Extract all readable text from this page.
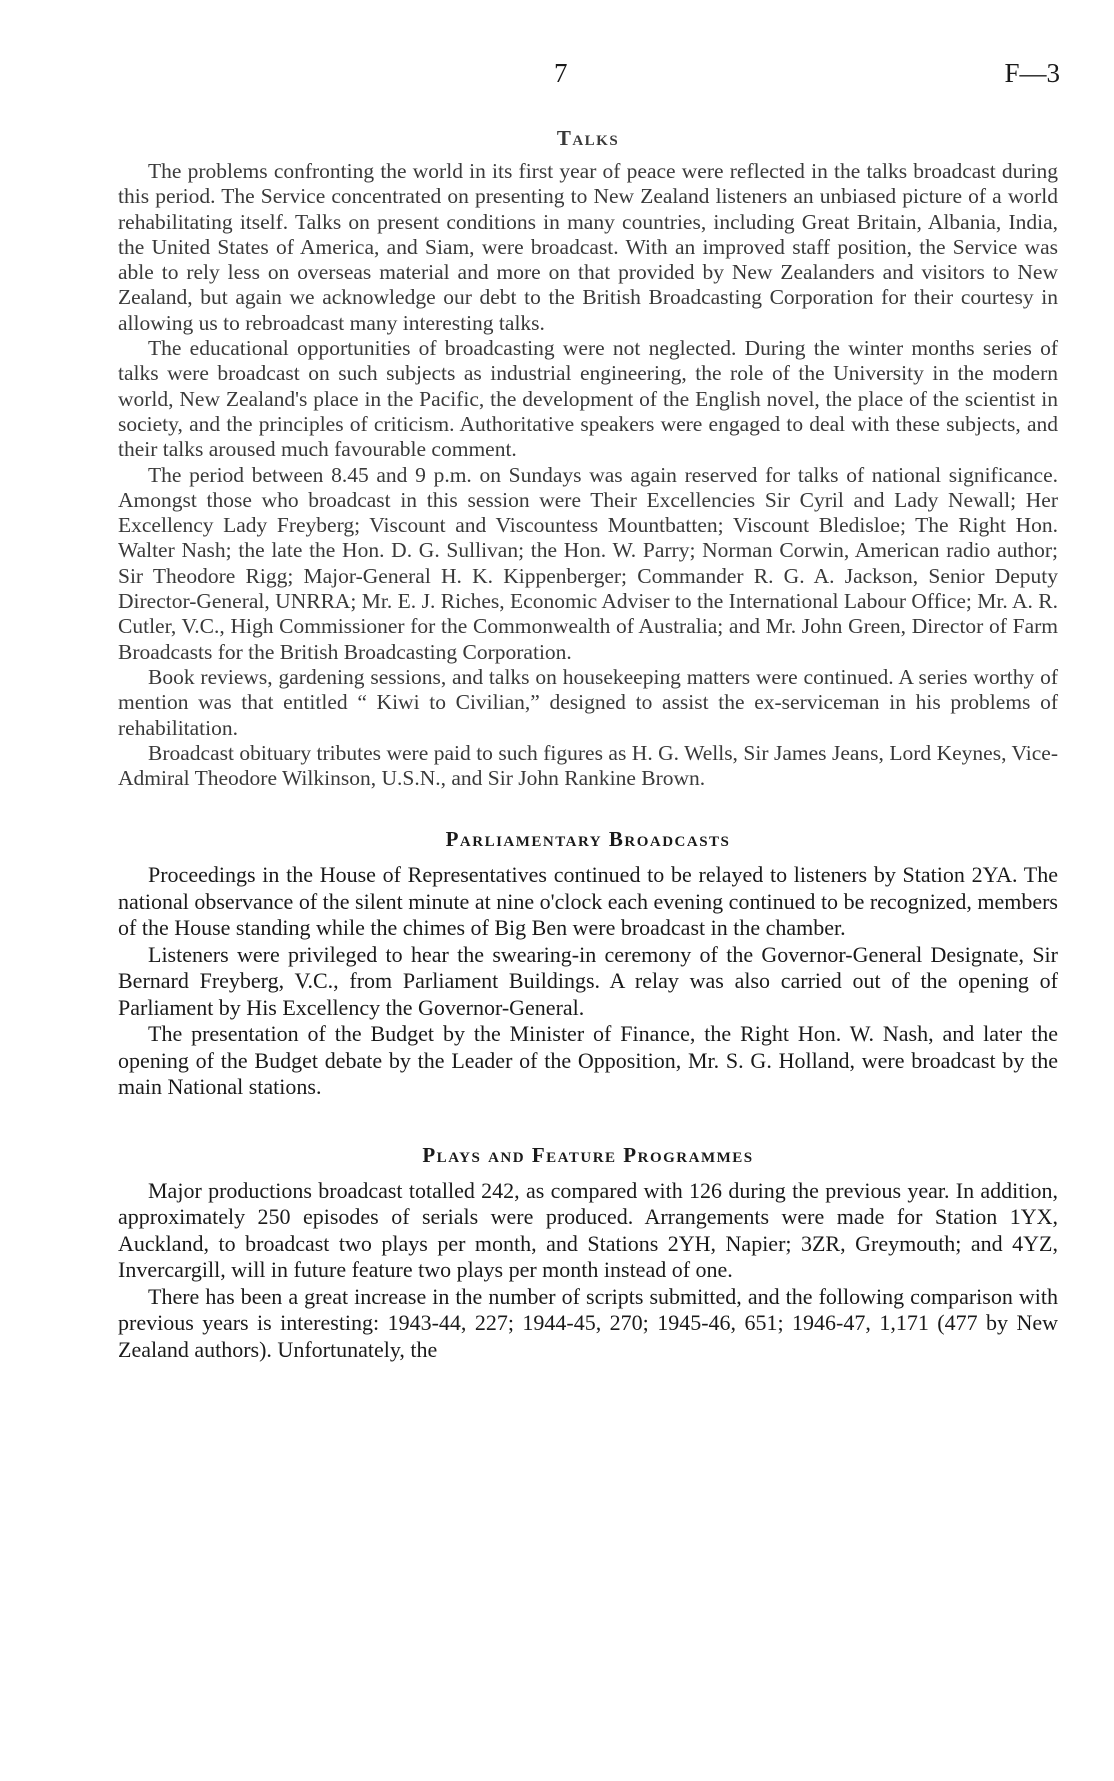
7	F—3
Talks

The problems confronting the world in its first year of peace were reflected in the talks broadcast during this period. The Service concentrated on presenting to New Zealand listeners an unbiased picture of a world rehabilitating itself. Talks on present conditions in many countries, including Great Britain, Albania, India, the United States of America, and Siam, were broadcast. With an improved staff position, the Service was able to rely less on overseas material and more on that provided by New Zealanders and visitors to New Zealand, but again we acknowledge our debt to the British Broadcasting Corporation for their courtesy in allowing us to rebroadcast many interesting talks.

The educational opportunities of broadcasting were not neglected. During the winter months series of talks were broadcast on such subjects as industrial engineering, the role of the University in the modern world, New Zealand's place in the Pacific, the development of the English novel, the place of the scientist in society, and the principles of criticism. Authoritative speakers were engaged to deal with these subjects, and their talks aroused much favourable comment.

The period between 8.45 and 9 p.m. on Sundays was again reserved for talks of national significance. Amongst those who broadcast in this session were Their Excellencies Sir Cyril and Lady Newall; Her Excellency Lady Freyberg; Viscount and Viscountess Mountbatten; Viscount Bledisloe; The Right Hon. Walter Nash; the late the Hon. D. G. Sullivan; the Hon. W. Parry; Norman Corwin, American radio author; Sir Theodore Rigg; Major-General H. K. Kippenberger; Commander R. G. A. Jackson, Senior Deputy Director-General, UNRRA; Mr. E. J. Riches, Economic Adviser to the International Labour Office; Mr. A. R. Cutler, V.C., High Commissioner for the Commonwealth of Australia; and Mr. John Green, Director of Farm Broadcasts for the British Broadcasting Corporation.

Book reviews, gardening sessions, and talks on housekeeping matters were continued. A series worthy of mention was that entitled “ Kiwi to Civilian,” designed to assist the ex-serviceman in his problems of rehabilitation.

Broadcast obituary tributes were paid to such figures as H. G. Wells, Sir James Jeans, Lord Keynes, Vice-Admiral Theodore Wilkinson, U.S.N., and Sir John Rankine Brown.

Parliamentary Broadcasts

Proceedings in the House of Representatives continued to be relayed to listeners by Station 2YA. The national observance of the silent minute at nine o'clock each evening continued to be recognized, members of the House standing while the chimes of Big Ben were broadcast in the chamber.

Listeners were privileged to hear the swearing-in ceremony of the Governor-General Designate, Sir Bernard Freyberg, V.C., from Parliament Buildings. A relay was also carried out of the opening of Parliament by His Excellency the Governor-General.

The presentation of the Budget by the Minister of Finance, the Right Hon. W. Nash, and later the opening of the Budget debate by the Leader of the Opposition, Mr. S. G. Holland, were broadcast by the main National stations.

Plays and Feature Programmes

Major productions broadcast totalled 242, as compared with 126 during the previous year. In addition, approximately 250 episodes of serials were produced. Arrangements were made for Station 1YX, Auckland, to broadcast two plays per month, and Stations 2YH, Napier; 3ZR, Greymouth; and 4YZ, Invercargill, will in future feature two plays per month instead of one.

There has been a great increase in the number of scripts submitted, and the following comparison with previous years is interesting: 1943-44, 227; 1944-45, 270; 1945-46, 651; 1946-47, 1,171 (477 by New Zealand authors). Unfortunately, the
